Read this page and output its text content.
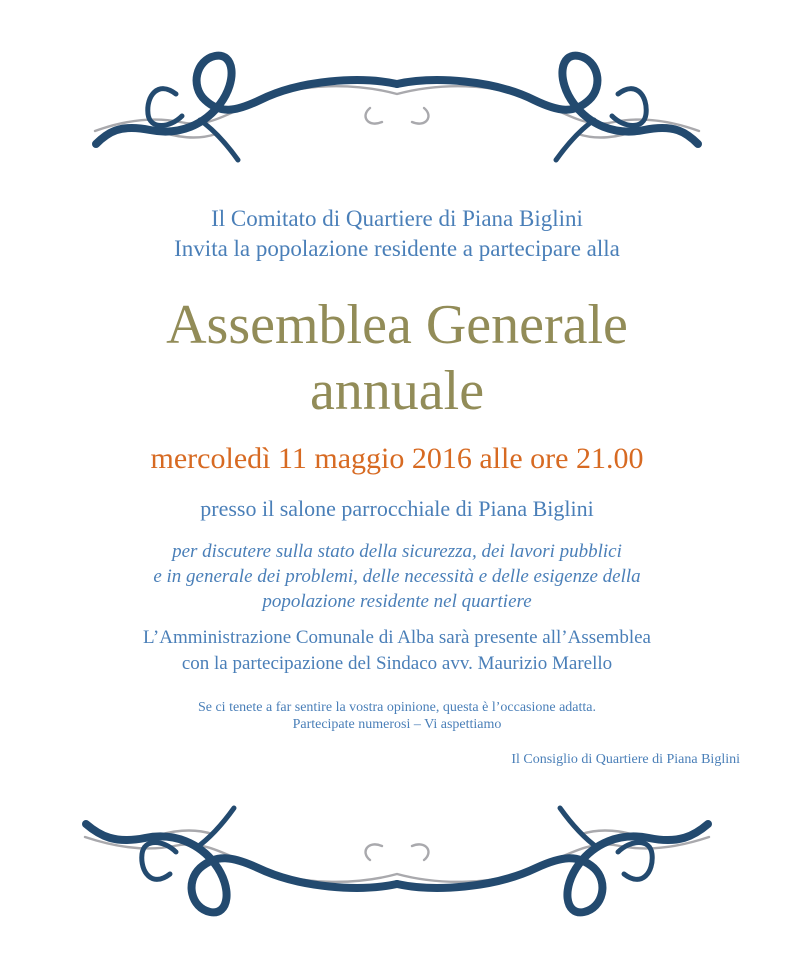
Il Comitato di Quartiere di Piana Biglini
Invita la popolazione residente a partecipare alla
Assemblea Generale
annuale
mercoledì 11 maggio 2016 alle ore 21.00
presso il salone parrocchiale di Piana Biglini
per discutere sulla stato della sicurezza, dei lavori pubblici
e in generale dei problemi, delle necessità e delle esigenze della
popolazione residente nel quartiere
L’Amministrazione Comunale di Alba sarà presente all’Assemblea
con la partecipazione del Sindaco avv. Maurizio Marello
Se ci tenete a far sentire la vostra opinione, questa è l’occasione adatta.
Partecipate numerosi – Vi aspettiamo
Il Consiglio di Quartiere di Piana Biglini
